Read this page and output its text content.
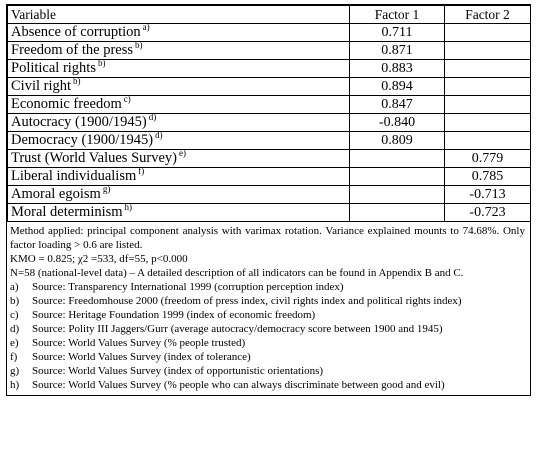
Variable	Factor 1	Factor 2
Absence of corruption $^{a)}$	0.711	
Freedom of the press $^{b)}$	0.871	
Political rights $^{b)}$	0.883	
Civil right $^{b)}$	0.894	
Economic freedom $^{c)}$	0.847	
Autocracy (1900/1945) $^{d)}$	-0.840	
Democracy (1900/1945) $^{d)}$	0.809	
Trust (World Values Survey) $^{e)}$		0.779
Liberal individualism $^{f)}$		0.785
Amoral egoism $^{g)}$		-0.713
Moral determinism $^{h)}$		-0.723

Method applied: principal component analysis with varimax rotation. Variance explained mounts to 74.68%. Only factor loading > 0.6 are listed.

KMO = 0.825; χ2 =533, df=55, p<0.000

N=58 (national-level data) – A detailed description of all indicators can be found in Appendix B and C.

a)	Source: Transparency International 1999 (corruption perception index)
b)	Source: Freedomhouse 2000 (freedom of press index, civil rights index and political rights index)
c)	Source: Heritage Foundation 1999 (index of economic freedom)
d)	Source: Polity III Jaggers/Gurr (average autocracy/democracy score between 1900 and 1945)
e)	Source: World Values Survey (% people trusted)
f)	Source: World Values Survey (index of tolerance)
g)	Source: World Values Survey (index of opportunistic orientations)
h)	Source: World Values Survey (% people who can always discriminate between good and evil)
